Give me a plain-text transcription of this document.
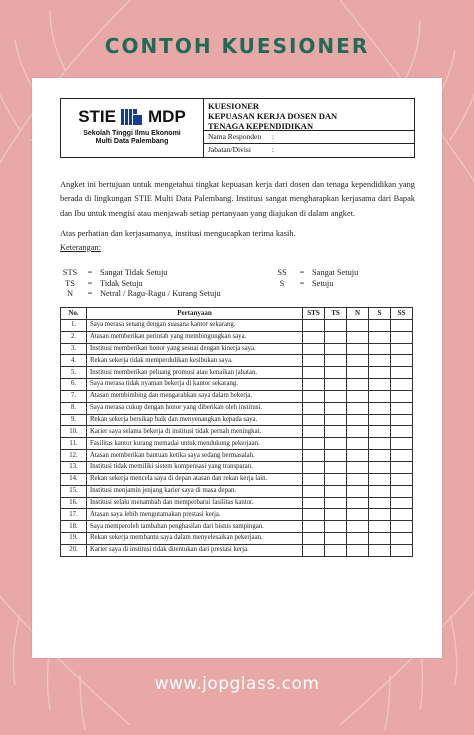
CONTOH KUESIONER
STIE MDP
Sekolah Tinggi Ilmu Ekonomi
Multi Data Palembang
KUESIONER
KEPUASAN KERJA DOSEN DAN
TENAGA KEPENDIDIKAN
Nama Responden	:
Jabatan/Divisi	:

Angket ini bertujuan untuk mengetahui tingkat kepuasan kerja dari dosen dan tenaga kependidikan yang berada di lingkungan STIE Multi Data Palembang. Institusi sangat mengharapkan kerjasama dari Bapak dan Ibu untuk mengisi atau menjawab setiap pertanyaan yang diajukan di dalam angket.

Atas perhatian dan kerjasamanya, institusi mengucapkan terima kasih.

Keterangan:
STS	= Sangat Tidak Setuju
TS	= Tidak Setuju
N	= Netral / Ragu-Ragu / Kurang Setuju
SS	= Sangat Setuju
S	= Setuju
No.	Pertanyaan	STS	TS	N	S	SS
1.	Saya merasa senang dengan suasana kantor sekarang.					
2.	Atasan memberikan perintah yang membingungkan saya.					
3.	Institusi memberikan honor yang sesuai dengan kinerja saya.					
4.	Rekan sekerja tidak memperdulikan kesibukan saya.					
5.	Institusi memberikan peluang promosi atau kenaikan jabatan.					
6.	Saya merasa tidak nyaman bekerja di kantor sekarang.					
7.	Atasan membimbing dan mengarahkan saya dalam bekerja.					
8.	Saya merasa cukup dengan honor yang diberikan oleh institusi.					
9.	Rekan sekerja bersikap baik dan menyenangkan kepada saya.					
10.	Karier saya selama bekerja di institusi tidak pernah meningkat.					
11.	Fasilitas kantor kurang memadai untuk mendukung pekerjaan.					
12.	Atasan memberikan bantuan ketika saya sedang bermasalah.					
13.	Institusi tidak memiliki sistem kompensasi yang transparan.					
14.	Rekan sekerja mencela saya di depan atasan dan rekan kerja lain.					
15.	Institusi menjamin jenjang karier saya di masa depan.					
16.	Institusi selalu menambah dan memperbarui fasilitas kantor.					
17.	Atasan saya lebih mengutamakan prestasi kerja.					
18.	Saya memperoleh tambahan penghasilan dari bisnis sampingan.					
19.	Rekan sekerja membantu saya dalam menyelesaikan pekerjaan.					
20.	Karier saya di institusi tidak ditentukan dari prestasi kerja.					
www.jopglass.com
